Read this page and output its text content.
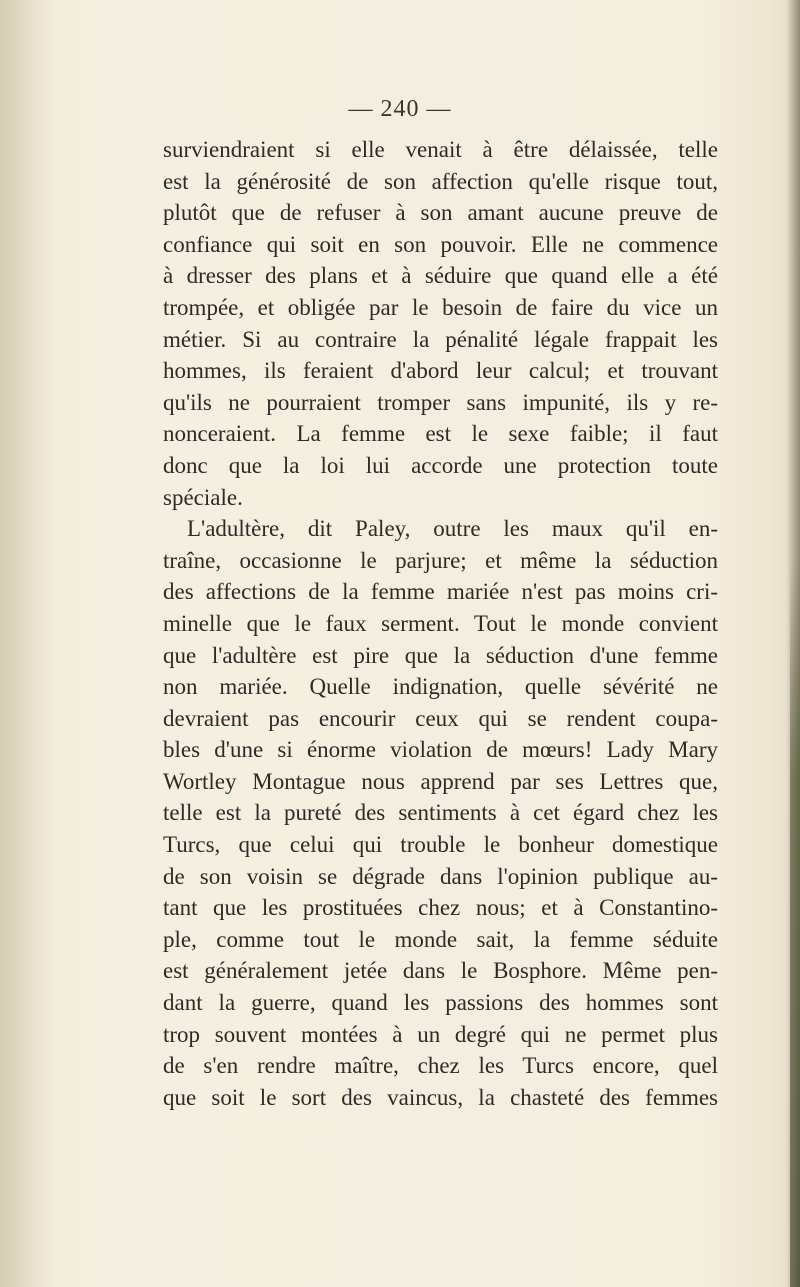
— 240 —
surviendraient si elle venait à être délaissée, telle
est la générosité de son affection qu'elle risque tout,
plutôt que de refuser à son amant aucune preuve de
confiance qui soit en son pouvoir. Elle ne commence
à dresser des plans et à séduire que quand elle a été
trompée, et obligée par le besoin de faire du vice un
métier. Si au contraire la pénalité légale frappait les
hommes, ils feraient d'abord leur calcul; et trouvant
qu'ils ne pourraient tromper sans impunité, ils y re-
nonceraient. La femme est le sexe faible; il faut
donc que la loi lui accorde une protection toute
spéciale.
L'adultère, dit Paley, outre les maux qu'il en-
traîne, occasionne le parjure; et même la séduction
des affections de la femme mariée n'est pas moins cri-
minelle que le faux serment. Tout le monde convient
que l'adultère est pire que la séduction d'une femme
non mariée. Quelle indignation, quelle sévérité ne
devraient pas encourir ceux qui se rendent coupa-
bles d'une si énorme violation de mœurs! Lady Mary
Wortley Montague nous apprend par ses Lettres que,
telle est la pureté des sentiments à cet égard chez les
Turcs, que celui qui trouble le bonheur domestique
de son voisin se dégrade dans l'opinion publique au-
tant que les prostituées chez nous; et à Constantino-
ple, comme tout le monde sait, la femme séduite
est généralement jetée dans le Bosphore. Même pen-
dant la guerre, quand les passions des hommes sont
trop souvent montées à un degré qui ne permet plus
de s'en rendre maître, chez les Turcs encore, quel
que soit le sort des vaincus, la chasteté des femmes
